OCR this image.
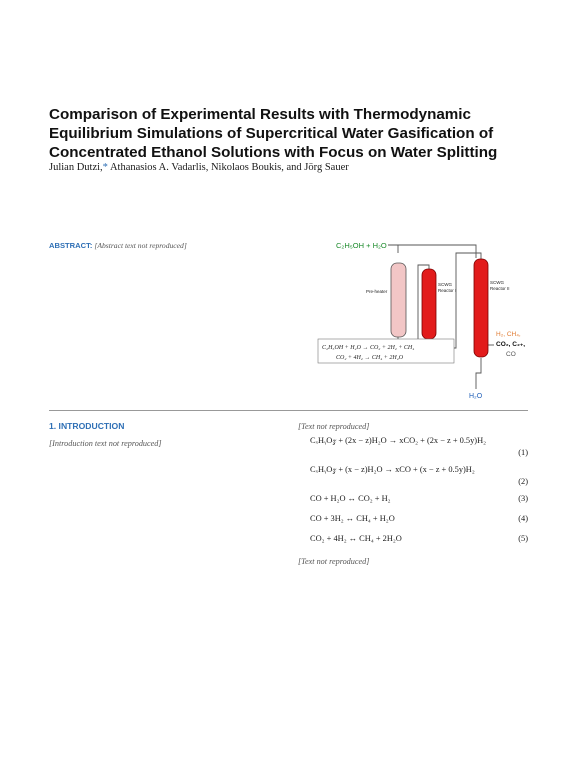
Comparison of Experimental Results with Thermodynamic Equilibrium Simulations of Supercritical Water Gasification of Concentrated Ethanol Solutions with Focus on Water Splitting
Julian Dutzi,* Athanasios A. Vadarlis, Nikolaos Boukis, and Jörg Sauer
ABSTRACT: [Abstract text not reproduced]	C₂H₅OH + H₂O
Pre-heater
SCWG
Reactor I
SCWG
Reactor II
C₂H₅OH + H₂O → CO₂ + 2H₂ + CH₄
CO₂ + 4H₂ → CH₄ + 2H₂O
H₂, CH₄,
CO₂, C₂₊,
CO
H₂O
1. INTRODUCTION
[Introduction text not reproduced]
[Text not reproduced]
CₓHᵧO𝓏 + (2x − z)H₂O → xCO₂ + (2x − z + 0.5y)H₂
(1)
CₓHᵧO𝓏 + (x − z)H₂O → xCO + (x − z + 0.5y)H₂
(2)
CO + H₂O ↔ CO₂ + H₂	(3)
CO + 3H₂ ↔ CH₄ + H₂O	(4)
CO₂ + 4H₂ ↔ CH₄ + 2H₂O	(5)
[Text not reproduced]
